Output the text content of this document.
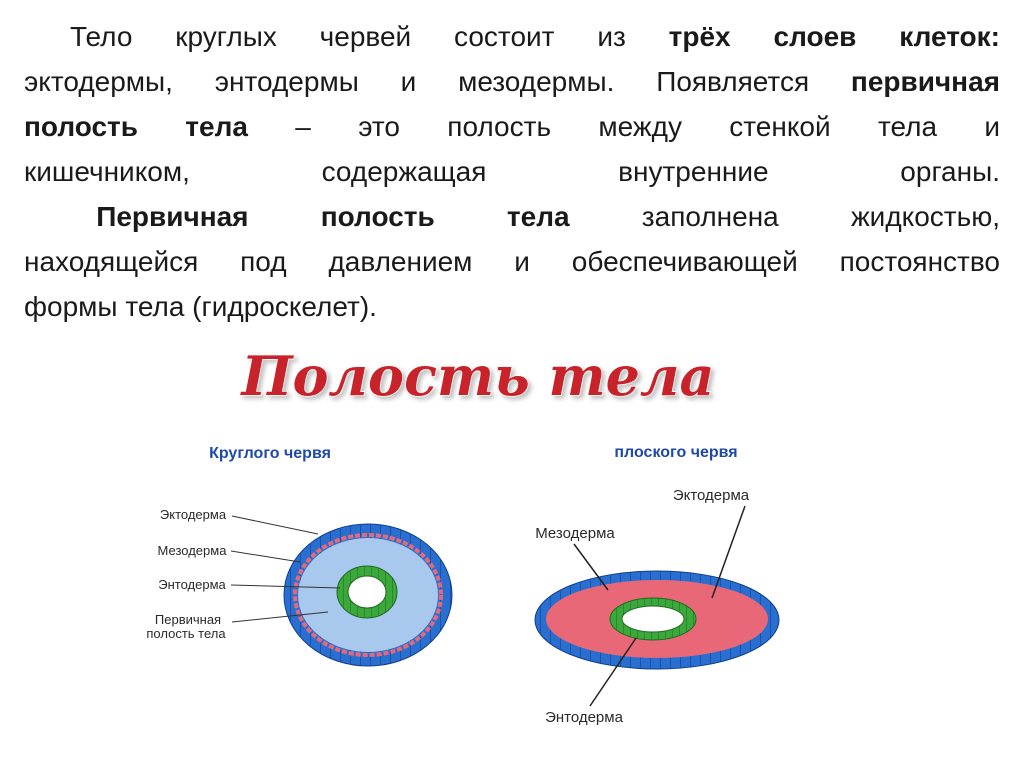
Тело круглых червей состоит из трёх слоев клеток:
эктодермы, энтодермы и мезодермы. Появляется первичная
полость тела – это полость между стенкой тела и
кишечником, содержащая внутренние органы.
Первичная полость тела заполнена жидкостью,
находящейся под давлением и обеспечивающей постоянство
формы тела (гидроскелет).
Полость тела
Круглого червя	плоского червя
Эктодерма
Мезодерма
Энтодерма
Первичная
полость тела
Эктодерма
Мезодерма
Энтодерма
